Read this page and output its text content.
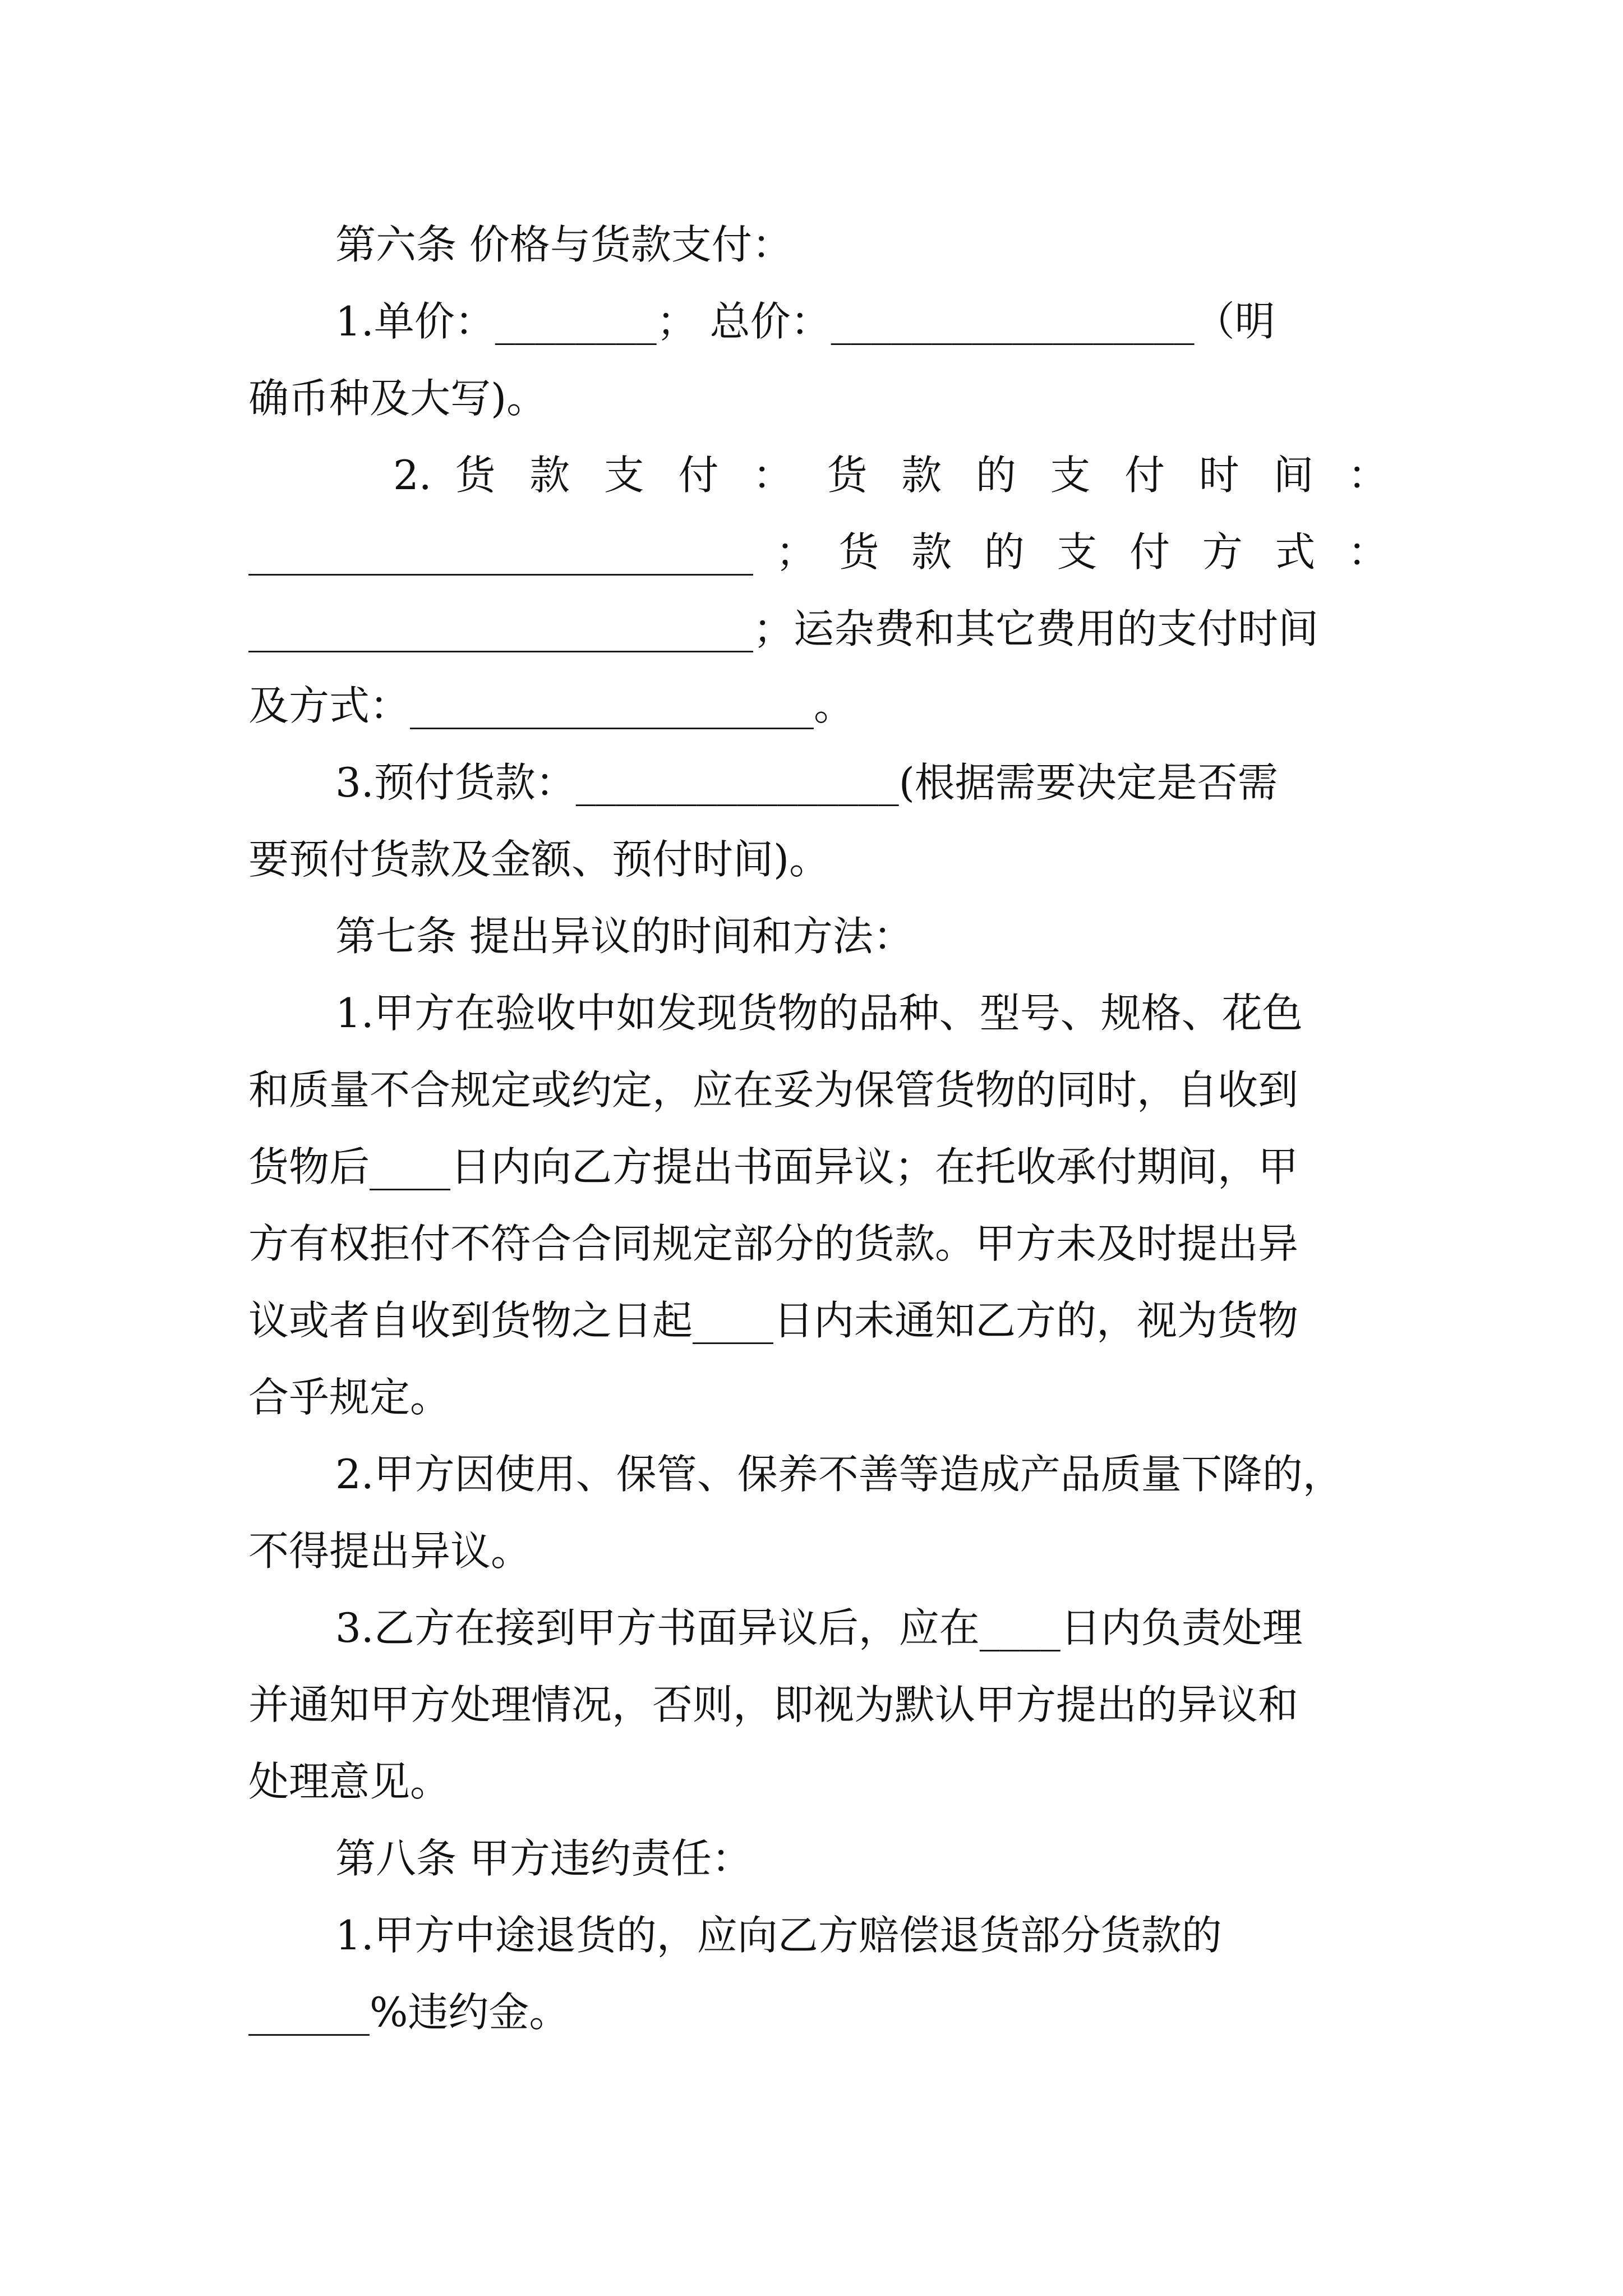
第六条 价格与货款支付：
1.单价：________； 总价：__________________（明
确币种及大写)。
2. 货 款 支 付 ： 货 款 的 支 付 时 间 ：
_________________________ ； 货 款 的 支 付 方 式 ：
_________________________；运杂费和其它费用的支付时间
及方式：____________________。
3.预付货款：________________(根据需要决定是否需
要预付货款及金额、预付时间)。
第七条 提出异议的时间和方法：
1.甲方在验收中如发现货物的品种、型号、规格、花色
和质量不合规定或约定，应在妥为保管货物的同时，自收到
货物后____日内向乙方提出书面异议；在托收承付期间，甲
方有权拒付不符合合同规定部分的货款。甲方未及时提出异
议或者自收到货物之日起____日内未通知乙方的，视为货物
合乎规定。
2.甲方因使用、保管、保养不善等造成产品质量下降的，
不得提出异议。
3.乙方在接到甲方书面异议后，应在____日内负责处理
并通知甲方处理情况，否则，即视为默认甲方提出的异议和
处理意见。
第八条 甲方违约责任：
1.甲方中途退货的，应向乙方赔偿退货部分货款的
______%违约金。
